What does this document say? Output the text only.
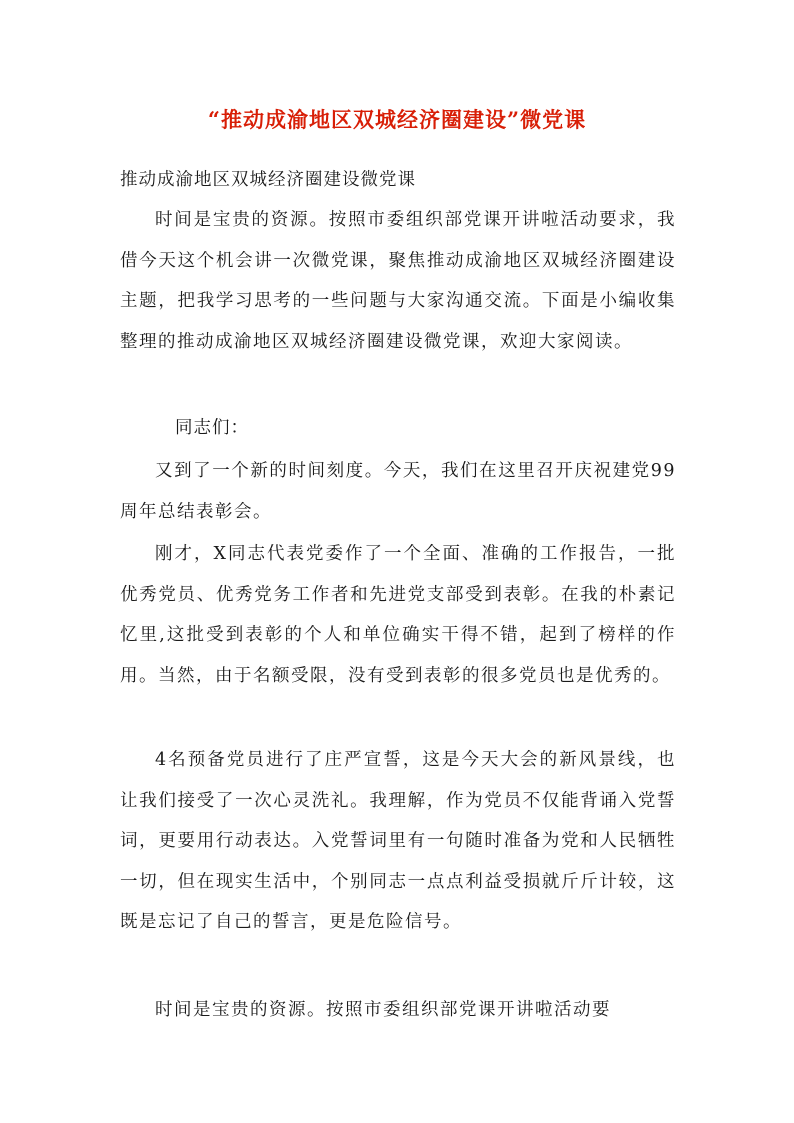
“推动成渝地区双城经济圈建设”微党课
推动成渝地区双城经济圈建设微党课

时间是宝贵的资源。按照市委组织部党课开讲啦活动要求，我借今天这个机会讲一次微党课，聚焦推动成渝地区双城经济圈建设主题，把我学习思考的一些问题与大家沟通交流。下面是小编收集整理的推动成渝地区双城经济圈建设微党课，欢迎大家阅读。

同志们：

又到了一个新的时间刻度。今天，我们在这里召开庆祝建党99周年总结表彰会。

刚才，X同志代表党委作了一个全面、准确的工作报告，一批优秀党员、优秀党务工作者和先进党支部受到表彰。在我的朴素记忆里,这批受到表彰的个人和单位确实干得不错，起到了榜样的作用。当然，由于名额受限，没有受到表彰的很多党员也是优秀的。

4名预备党员进行了庄严宣誓，这是今天大会的新风景线，也让我们接受了一次心灵洗礼。我理解，作为党员不仅能背诵入党誓词，更要用行动表达。入党誓词里有一句随时准备为党和人民牺牲一切，但在现实生活中，个别同志一点点利益受损就斤斤计较，这既是忘记了自己的誓言，更是危险信号。

时间是宝贵的资源。按照市委组织部党课开讲啦活动要
